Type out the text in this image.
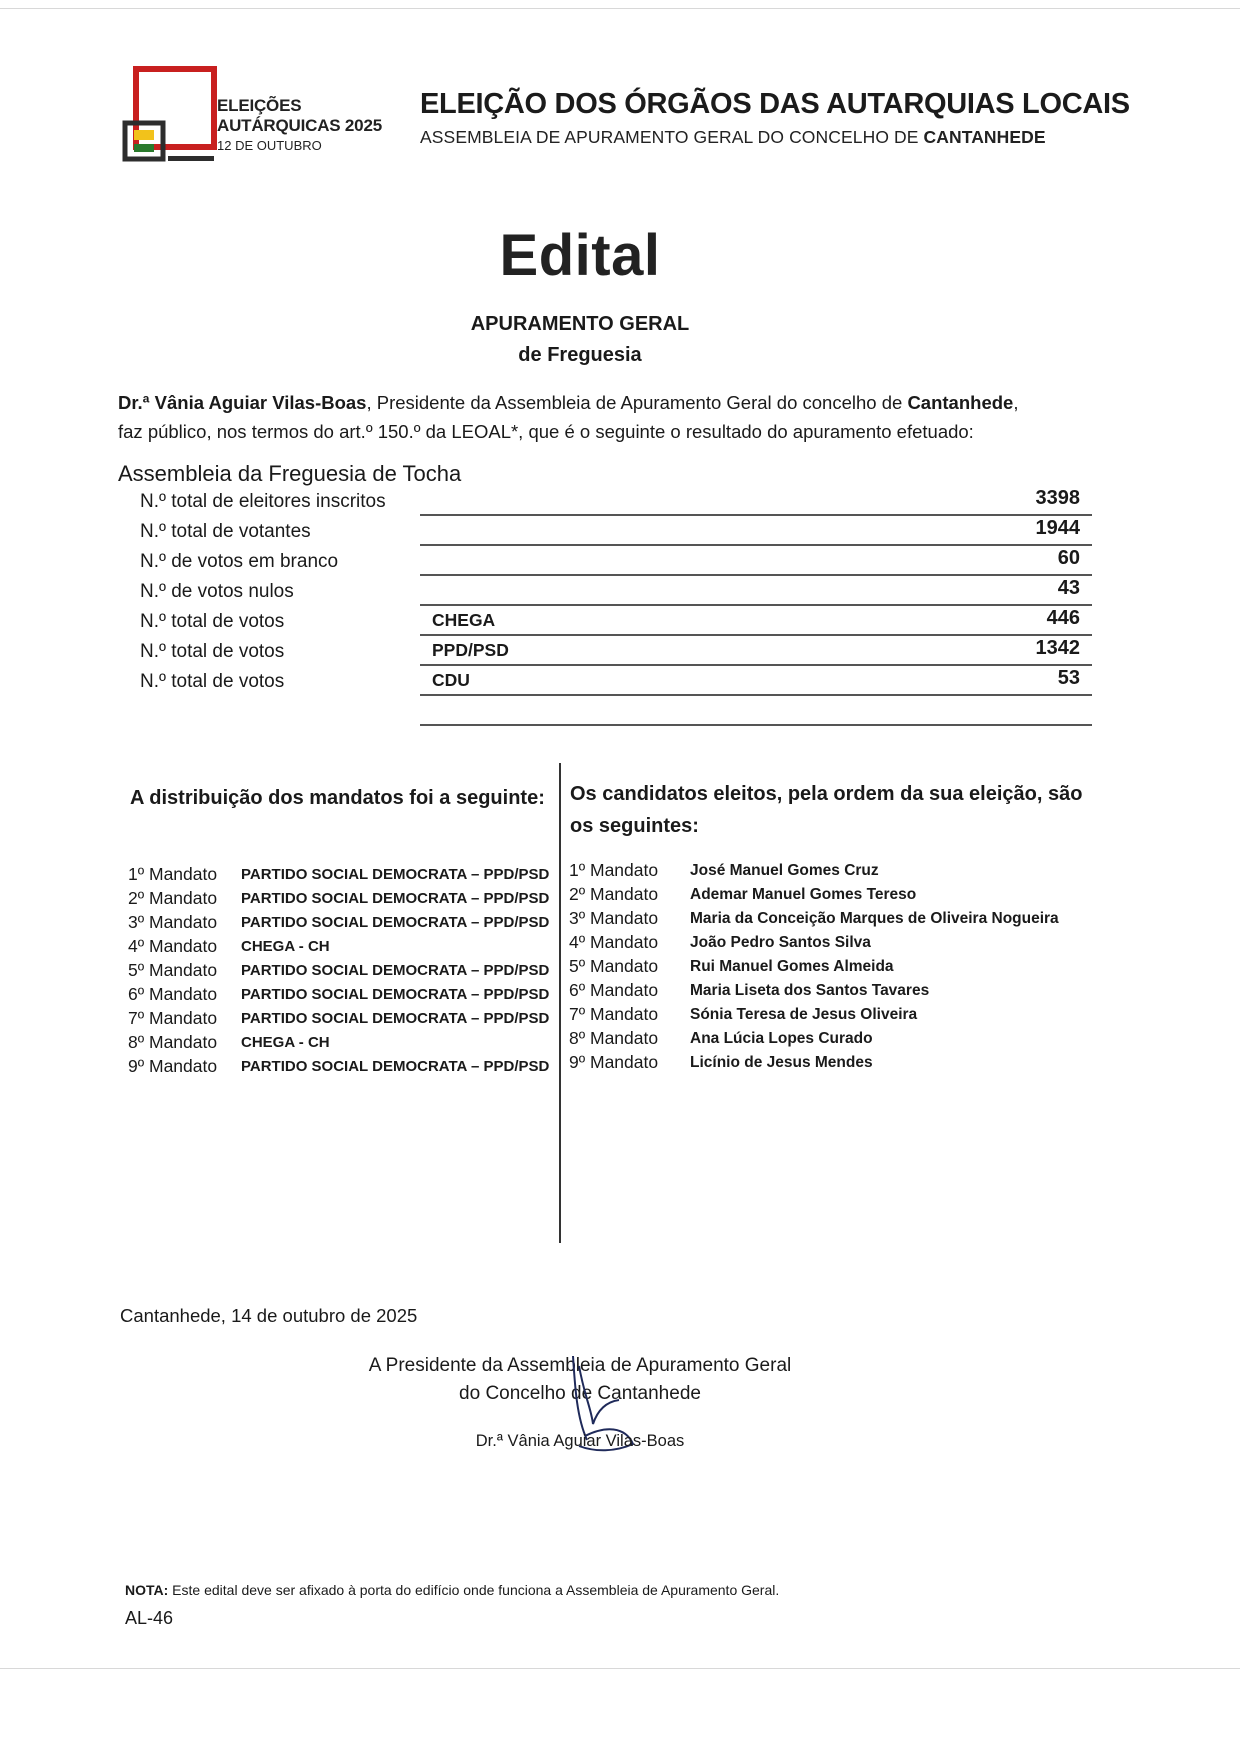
ELEIÇÕES
AUTÁRQUICAS 2025
12 DE OUTUBRO
ELEIÇÃO DOS ÓRGÃOS DAS AUTARQUIAS LOCAIS
ASSEMBLEIA DE APURAMENTO GERAL DO CONCELHO DE CANTANHEDE
Edital
APURAMENTO GERAL
de Freguesia
Dr.ª Vânia Aguiar Vilas-Boas, Presidente da Assembleia de Apuramento Geral do concelho de Cantanhede,
faz público, nos termos do art.º 150.º da LEOAL*, que é o seguinte o resultado do apuramento efetuado:
Assembleia da Freguesia de Tocha
N.º total de eleitores inscritos	3398
N.º total de votantes	1944
N.º de votos em branco	60
N.º de votos nulos	43
N.º total de votos	CHEGA	446
N.º total de votos	PPD/PSD	1342
N.º total de votos	CDU	53
A distribuição dos mandatos foi a seguinte: Os candidatos eleitos, pela ordem da sua eleição, são os seguintes:
1º Mandato PARTIDO SOCIAL DEMOCRATA – PPD/PSD
2º Mandato PARTIDO SOCIAL DEMOCRATA – PPD/PSD
3º Mandato PARTIDO SOCIAL DEMOCRATA – PPD/PSD
4º Mandato CHEGA - CH
5º Mandato PARTIDO SOCIAL DEMOCRATA – PPD/PSD
6º Mandato PARTIDO SOCIAL DEMOCRATA – PPD/PSD
7º Mandato PARTIDO SOCIAL DEMOCRATA – PPD/PSD
8º Mandato CHEGA - CH
9º Mandato PARTIDO SOCIAL DEMOCRATA – PPD/PSD
1º Mandato José Manuel Gomes Cruz
2º Mandato Ademar Manuel Gomes Tereso
3º Mandato Maria da Conceição Marques de Oliveira Nogueira
4º Mandato João Pedro Santos Silva
5º Mandato Rui Manuel Gomes Almeida
6º Mandato Maria Liseta dos Santos Tavares
7º Mandato Sónia Teresa de Jesus Oliveira
8º Mandato Ana Lúcia Lopes Curado
9º Mandato Licínio de Jesus Mendes
Cantanhede, 14 de outubro de 2025
A Presidente da Assembleia de Apuramento Geral
do Concelho de Cantanhede
Dr.ª Vânia Aguiar Vilas-Boas
NOTA: Este edital deve ser afixado à porta do edifício onde funciona a Assembleia de Apuramento Geral.
AL-46
